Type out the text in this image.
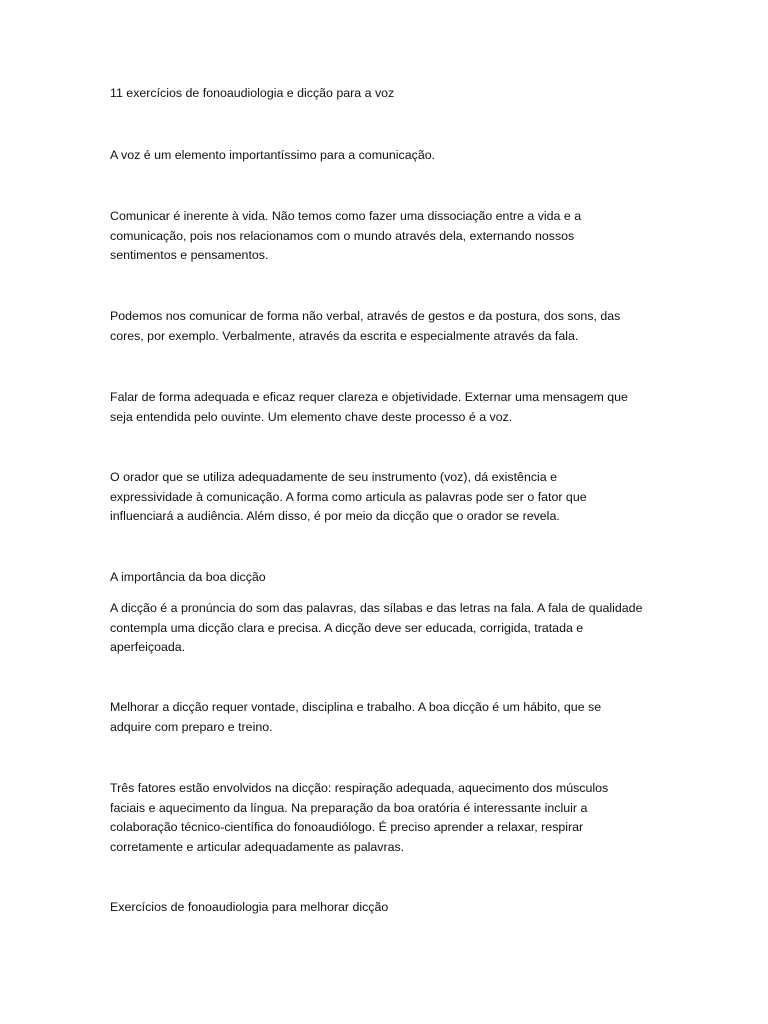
11 exercícios de fonoaudiologia e dicção para a voz
A voz é um elemento importantíssimo para a comunicação.
Comunicar é inerente à vida. Não temos como fazer uma dissociação entre a vida e a
comunicação, pois nos relacionamos com o mundo através dela, externando nossos
sentimentos e pensamentos.
Podemos nos comunicar de forma não verbal, através de gestos e da postura, dos sons, das
cores, por exemplo. Verbalmente, através da escrita e especialmente através da fala.
Falar de forma adequada e eficaz requer clareza e objetividade. Externar uma mensagem que
seja entendida pelo ouvinte. Um elemento chave deste processo é a voz.
O orador que se utiliza adequadamente de seu instrumento (voz), dá existência e
expressividade à comunicação. A forma como articula as palavras pode ser o fator que
influenciará a audiência. Além disso, é por meio da dicção que o orador se revela.
A importância da boa dicção
A dicção é a pronúncia do som das palavras, das sílabas e das letras na fala. A fala de qualidade
contempla uma dicção clara e precisa. A dicção deve ser educada, corrigida, tratada e
aperfeiçoada.
Melhorar a dicção requer vontade, disciplina e trabalho. A boa dicção é um hábito, que se
adquire com preparo e treino.
Três fatores estão envolvidos na dicção: respiração adequada, aquecimento dos músculos
faciais e aquecimento da língua. Na preparação da boa oratória é interessante incluir a
colaboração técnico-científica do fonoaudiólogo. É preciso aprender a relaxar, respirar
corretamente e articular adequadamente as palavras.
Exercícios de fonoaudiologia para melhorar dicção
